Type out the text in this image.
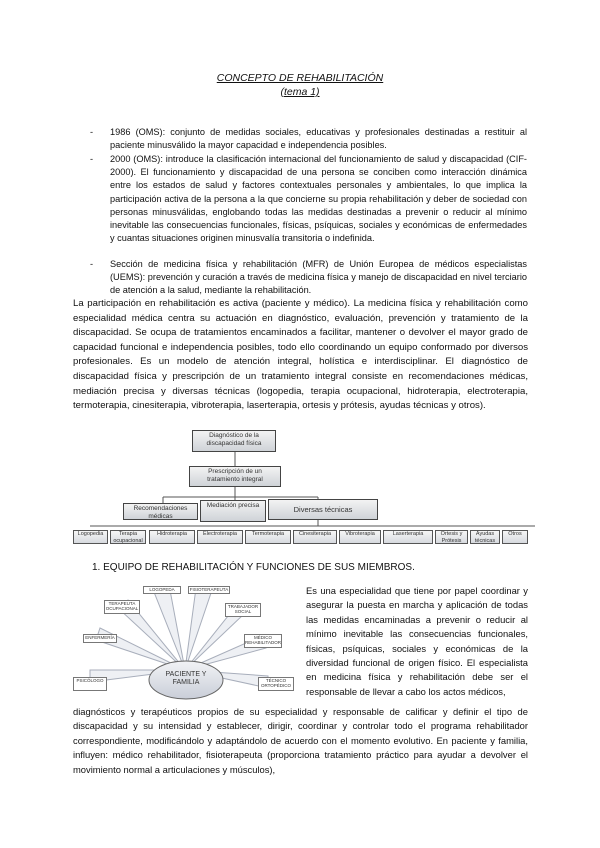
CONCEPTO DE REHABILITACIÓN
(tema 1)
- 1986 (OMS): conjunto de medidas sociales, educativas y profesionales destinadas a restituir al paciente minusválido la mayor capacidad e independencia posibles.
- 2000 (OMS): introduce la clasificación internacional del funcionamiento de salud y discapacidad (CIF-2000). El funcionamiento y discapacidad de una persona se conciben como interacción dinámica entre los estados de salud y factores contextuales personales y ambientales, lo que implica la participación activa de la persona a la que concierne su propia rehabilitación y deber de sociedad con personas minusválidas, englobando todas las medidas destinadas a prevenir o reducir al mínimo inevitable las consecuencias funcionales, físicas, psíquicas, sociales y económicas de enfermedades y cuantas situaciones originen minusvalía transitoria o indefinida.
- Sección de medicina física y rehabilitación (MFR) de Unión Europea de médicos especialistas (UEMS): prevención y curación a través de medicina física y manejo de discapacidad en nivel terciario de atención a la salud, mediante la rehabilitación.
La participación en rehabilitación es activa (paciente y médico). La medicina física y rehabilitación como especialidad médica centra su actuación en diagnóstico, evaluación, prevención y tratamiento de la discapacidad. Se ocupa de tratamientos encaminados a facilitar, mantener o devolver el mayor grado de capacidad funcional e independencia posibles, todo ello coordinando un equipo conformado por diversos profesionales. Es un modelo de atención integral, holística e interdisciplinar. El diagnóstico de discapacidad física y prescripción de un tratamiento integral consiste en recomendaciones médicas, mediación precisa y diversas técnicas (logopedia, terapia ocupacional, hidroterapia, electroterapia, termoterapia, cinesiterapia, vibroterapia, laserterapia, ortesis y prótesis, ayudas técnicas y otros).
Diagnóstico de la discapacidad física
Prescripción de un tratamiento integral
Recomendaciones médicas
Mediación precisa	Diversas técnicas
Logopedia	Terapia ocupacional
Hidroterapia	Electroterapia	Termoterapia	Cinesiterapia	Vibroterapia	Laserterapia	Ortesis y Prótesis
Ayudas técnicas
Otros
1. EQUIPO DE REHABILITACIÓN Y FUNCIONES DE SUS MIEMBROS.
LOGOPEDA	FISIOTERAPEUTA
TERAPEUTA OCUPACIONAL	TRABAJADOR SOCIAL
ENFERMERÍA	MÉDICO REHABILITADOR
PSICÓLOGO	TÉCNICO ORTOPÉDICO
PACIENTE Y FAMILIA
Es una especialidad que tiene por papel coordinar y asegurar la puesta en marcha y aplicación de todas las medidas encaminadas a prevenir o reducir al mínimo inevitable las consecuencias funcionales, físicas, psíquicas, sociales y económicas de la diversidad funcional de origen físico. El especialista en medicina física y rehabilitación debe ser el responsable de llevar a cabo los actos médicos,
diagnósticos y terapéuticos propios de su especialidad y responsable de calificar y definir el tipo de discapacidad y su intensidad y establecer, dirigir, coordinar y controlar todo el programa rehabilitador correspondiente, modificándolo y adaptándolo de acuerdo con el momento evolutivo. En paciente y familia, influyen: médico rehabilitador, fisioterapeuta (proporciona tratamiento práctico para ayudar a devolver el movimiento normal a articulaciones y músculos),
